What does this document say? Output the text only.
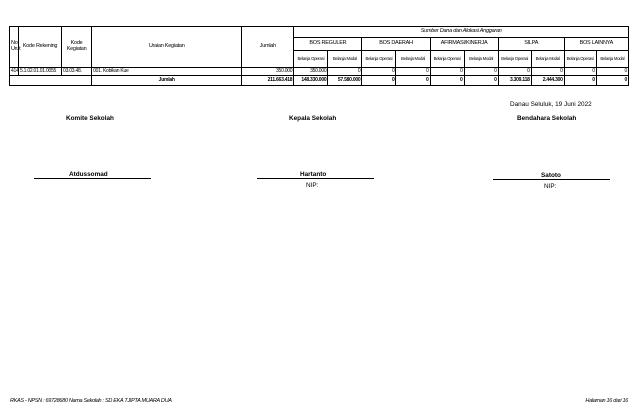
No Urut	Kode Rekening	Kode Kegiatan	Uraian Kegiatan	Jumlah	Sumber Dana dan Alokasi Anggaran									
					BOS REGULER		BOS DAERAH		AFIRMASI/KINERJA		SILPA		BOS LAINNYA	
					Belanja Operasi	Belanja Modal	Belanja Operasi	Belanja Modal	Belanja Operasi	Belanja Modal	Belanja Operasi	Belanja Modal	Belanja Operasi	Belanja Modal
414	5.1.02.01.01.0055	03.03.48.	001. Kobikan Kue	350.000	350.000	0	0	0	0	0	0	0	0	0
			Jumlah	211.663.418	148.330.000	57.580.000	0	0	0	0	3.309.118	2.444.300	0	0
Danau Seluluk, 19 Juni 2022
Komite Sekolah	Kepala Sekolah	Bendahara Sekolah
Atdussomad	Hartanto
NIP:
Satoto
NIP:
RKAS - NPSN : 69728680 Nama Sekolah : SD EKA TJIPTA MUARA DUA	Halaman 16 dari 16
